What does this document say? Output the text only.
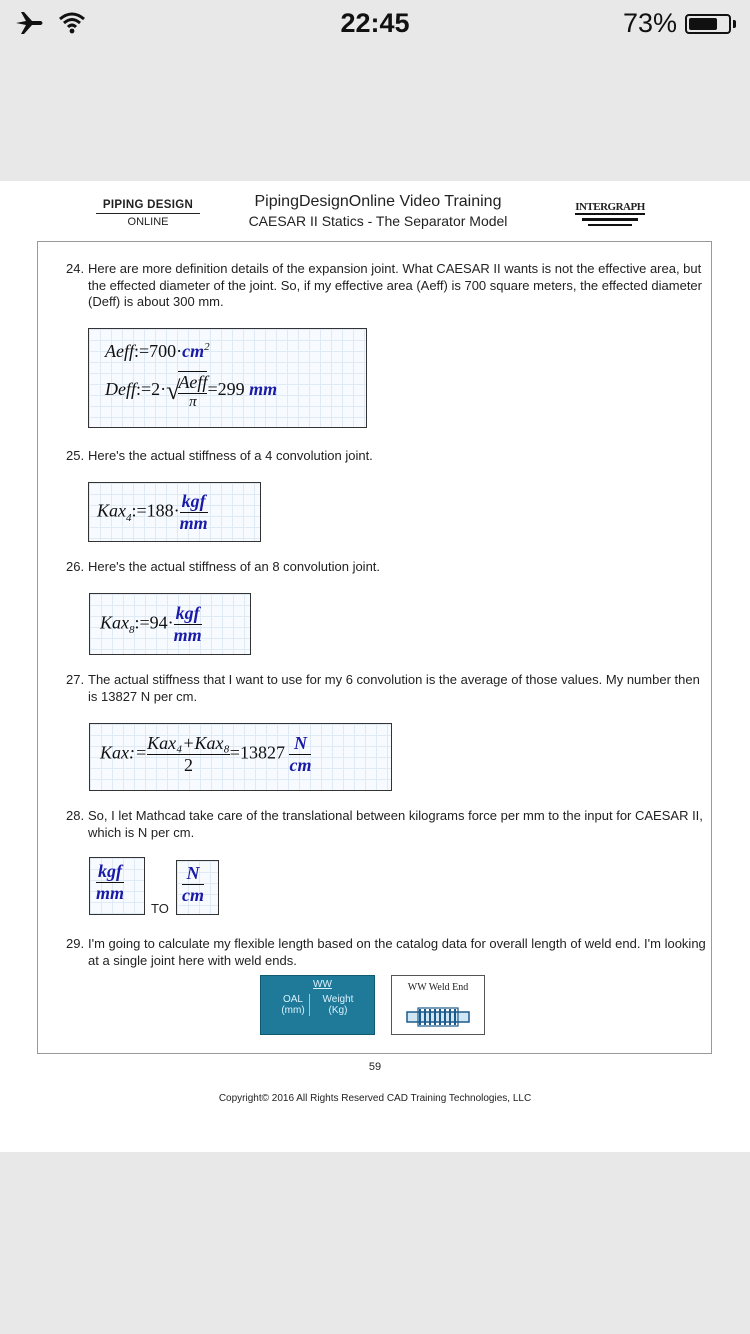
22:45	73%
PIPING DESIGN
ONLINE
PipingDesignOnline Video Training
CAESAR II Statics - The Separator Model
INTERGRAPH
24. Here are more definition details of the expansion joint. What CAESAR II wants is not the effective area, but the effected diameter of the joint. So, if my effective area (Aeff) is 700 square meters, the effected diameter (Deff) is about 300 mm.
$Aeff:=700\cdot cm^2$
Deff:=2·√
$\frac{\text{Aeff}}{\pi} =299$ mm
25. Here's the actual stiffness of a 4 convolution joint.
Kax$_4$:=188· $\frac{\text{kgf}}{mm}$
26. Here's the actual stiffness of an 8 convolution joint.
Kax$_8$:=94· $\frac{\text{kgf}}{mm}$
27. The actual stiffness that I want to use for my 6 convolution is the average of those values. My number then is 13827 N per cm.
Kax:= $\frac{\text{Kax₄+Kax₈}}{2} =13827 \frac{N}{cm}$
28. So, I let Mathcad take care of the translational between kilograms force per mm to the input for CAESAR II, which is N per cm.
$\frac{\text{kgf}}{mm}$
TO
$\frac{N}{cm}$
29. I'm going to calculate my flexible length based on the catalog data for overall length of weld end. I'm looking at a single joint here with weld ends.
WW
OAL (mm)
Weight (Kg)
WW Weld End
59
Copyright© 2016 All Rights Reserved CAD Training Technologies, LLC
